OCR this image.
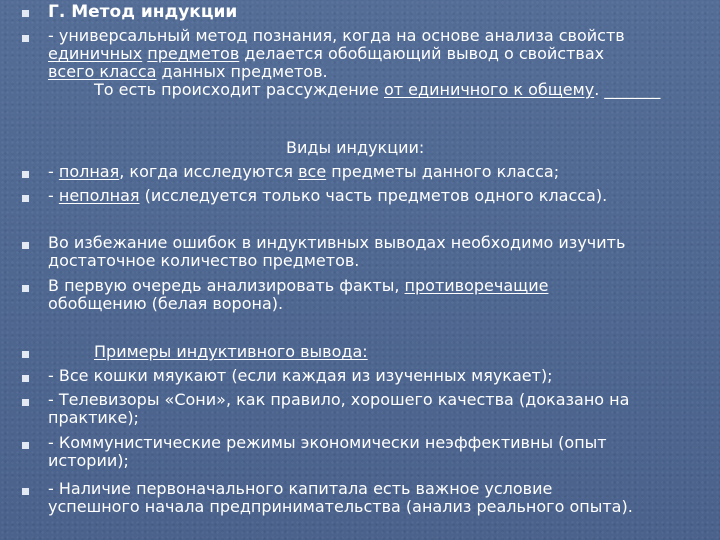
Г. Метод индукции
- универсальный метод познания, когда на основе анализа свойств
единичных предметов делается обобщающий вывод о свойствах
всего класса данных предметов.
То есть происходит рассуждение от единичного к общему. _______
Виды индукции:
- полная, когда исследуются все предметы данного класса;
- неполная (исследуется только часть предметов одного класса).
Во избежание ошибок в индуктивных выводах необходимо изучить
достаточное количество предметов.
В первую очередь анализировать факты, противоречащие
обобщению (белая ворона).
Примеры индуктивного вывода:
- Все кошки мяукают (если каждая из изученных мяукает);
- Телевизоры «Сони», как правило, хорошего качества (доказано на
практике);
- Коммунистические режимы экономически неэффективны (опыт
истории);
- Наличие первоначального капитала есть важное условие
успешного начала предпринимательства (анализ реального опыта).
